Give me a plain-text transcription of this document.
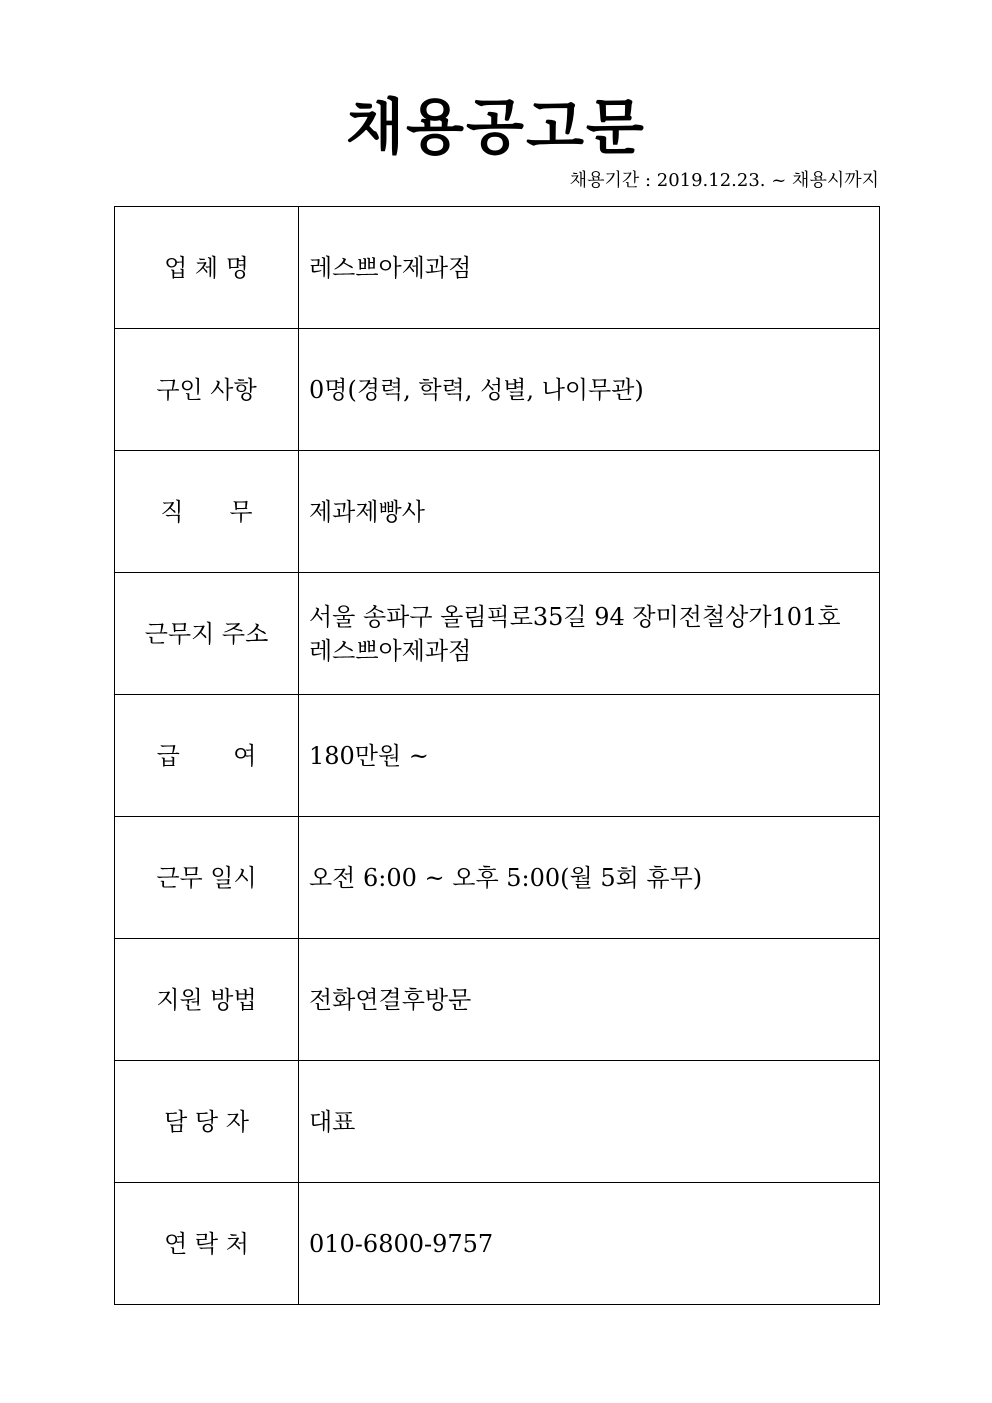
채용공고문
채용기간 : 2019.12.23. ~ 채용시까지
업 체 명	레스쁘아제과점
구인 사항	0명(경력, 학력, 성별, 나이무관)
직      무	제과제빵사
근무지 주소	서울 송파구 올림픽로35길 94 장미전철상가101호
레스쁘아제과점

급       여	180만원 ~
근무 일시	오전 6:00 ~ 오후 5:00(월 5회 휴무)
지원 방법	전화연결후방문
담 당 자	대표
연 락 처	010-6800-9757
